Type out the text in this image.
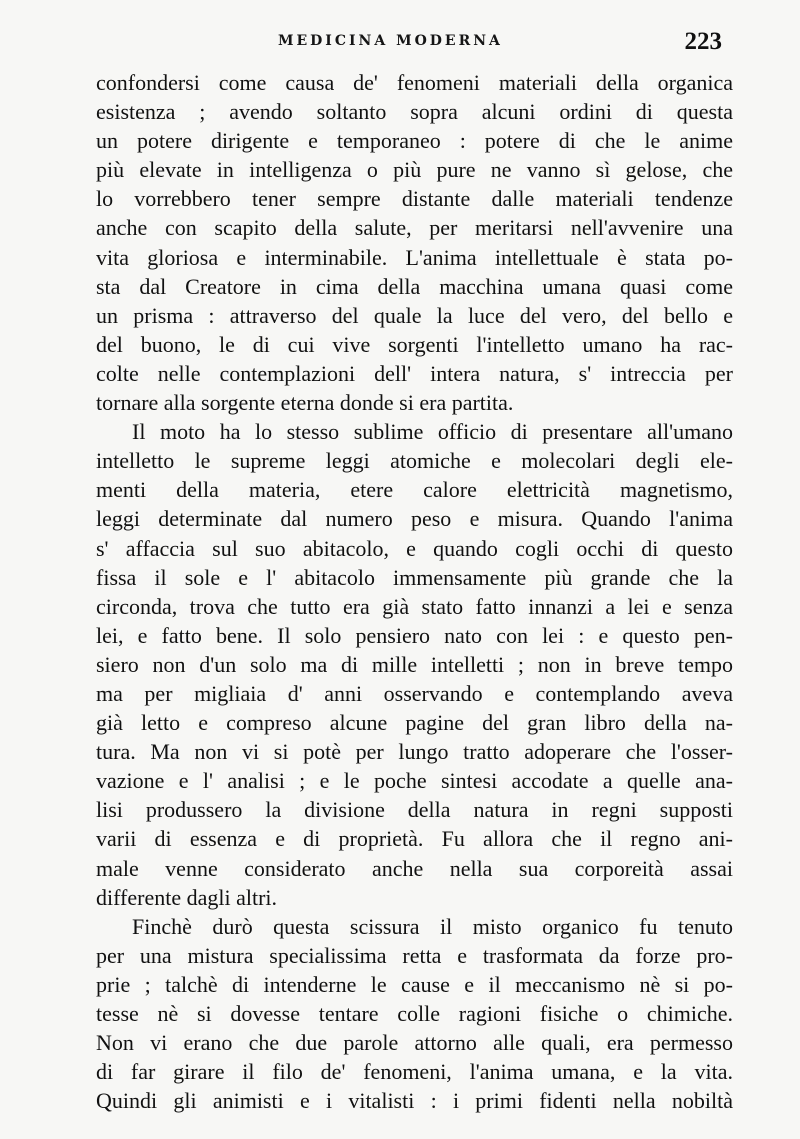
MEDICINA MODERNA	223
confondersi come causa de' fenomeni materiali della organica
esistenza ; avendo soltanto sopra alcuni ordini di questa
un potere dirigente e temporaneo : potere di che le anime
più elevate in intelligenza o più pure ne vanno sì gelose, che
lo vorrebbero tener sempre distante dalle materiali tendenze
anche con scapito della salute, per meritarsi nell'avvenire una
vita gloriosa e interminabile. L'anima intellettuale è stata po-
sta dal Creatore in cima della macchina umana quasi come
un prisma : attraverso del quale la luce del vero, del bello e
del buono, le di cui vive sorgenti l'intelletto umano ha rac-
colte nelle contemplazioni dell' intera natura, s' intreccia per
tornare alla sorgente eterna donde si era partita.
Il moto ha lo stesso sublime officio di presentare all'umano
intelletto le supreme leggi atomiche e molecolari degli ele-
menti della materia, etere calore elettricità magnetismo,
leggi determinate dal numero peso e misura. Quando l'anima
s' affaccia sul suo abitacolo, e quando cogli occhi di questo
fissa il sole e l' abitacolo immensamente più grande che la
circonda, trova che tutto era già stato fatto innanzi a lei e senza
lei, e fatto bene. Il solo pensiero nato con lei : e questo pen-
siero non d'un solo ma di mille intelletti ; non in breve tempo
ma per migliaia d' anni osservando e contemplando aveva
già letto e compreso alcune pagine del gran libro della na-
tura. Ma non vi si potè per lungo tratto adoperare che l'osser-
vazione e l' analisi ; e le poche sintesi accodate a quelle ana-
lisi produssero la divisione della natura in regni supposti
varii di essenza e di proprietà. Fu allora che il regno ani-
male venne considerato anche nella sua corporeità assai
differente dagli altri.
Finchè durò questa scissura il misto organico fu tenuto
per una mistura specialissima retta e trasformata da forze pro-
prie ; talchè di intenderne le cause e il meccanismo nè si po-
tesse nè si dovesse tentare colle ragioni fisiche o chimiche.
Non vi erano che due parole attorno alle quali, era permesso
di far girare il filo de' fenomeni, l'anima umana, e la vita.
Quindi gli animisti e i vitalisti : i primi fidenti nella nobiltà
